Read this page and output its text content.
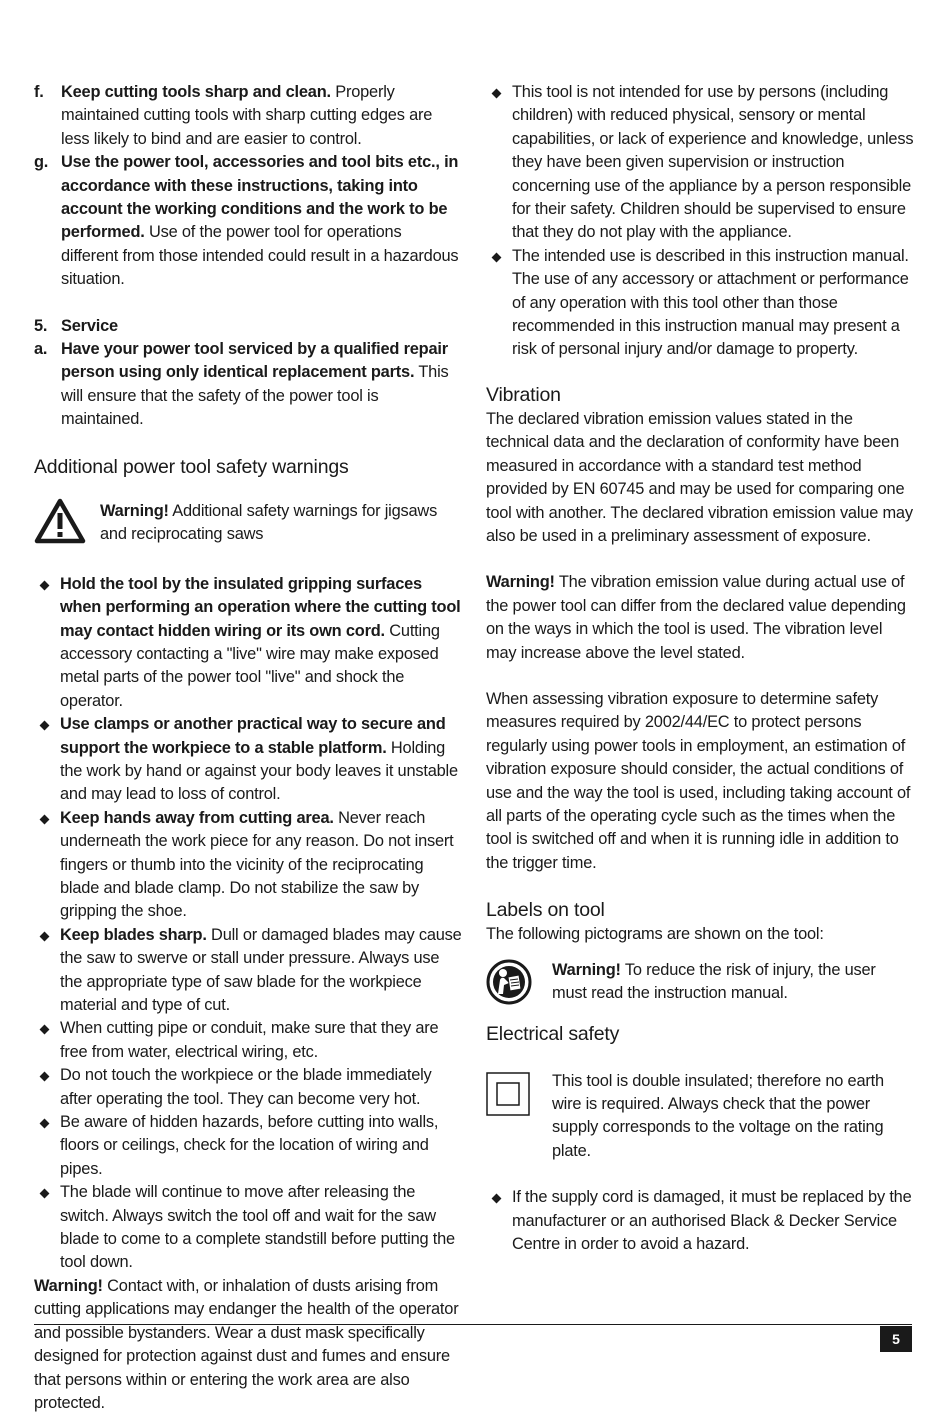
f. Keep cutting tools sharp and clean. Properly maintained cutting tools with sharp cutting edges are less likely to bind and are easier to control.
g. Use the power tool, accessories and tool bits etc., in accordance with these instructions, taking into account the working conditions and the work to be performed. Use of the power tool for operations different from those intended could result in a hazardous situation.
5. Service
a. Have your power tool serviced by a qualified repair person using only identical replacement parts. This will ensure that the safety of the power tool is maintained.
Additional power tool safety warnings
Warning! Additional safety warnings for jigsaws and reciprocating saws
Hold the tool by the insulated gripping surfaces when performing an operation where the cutting tool may contact hidden wiring or its own cord. Cutting accessory contacting a "live" wire may make exposed metal parts of the power tool "live" and shock the operator.
Use clamps or another practical way to secure and support the workpiece to a stable platform. Holding the work by hand or against your body leaves it unstable and may lead to loss of control.
Keep hands away from cutting area. Never reach underneath the work piece for any reason. Do not insert fingers or thumb into the vicinity of the reciprocating blade and blade clamp. Do not stabilize the saw by gripping the shoe.
Keep blades sharp. Dull or damaged blades may cause the saw to swerve or stall under pressure. Always use the appropriate type of saw blade for the workpiece material and type of cut.
When cutting pipe or conduit, make sure that they are free from water, electrical wiring, etc.
Do not touch the workpiece or the blade immediately after operating the tool. They can become very hot.
Be aware of hidden hazards, before cutting into walls, floors or ceilings, check for the location of wiring and pipes.
The blade will continue to move after releasing the switch. Always switch the tool off and wait for the saw blade to come to a complete standstill before putting the tool down.
Warning! Contact with, or inhalation of dusts arising from cutting applications may endanger the health of the operator and possible bystanders. Wear a dust mask specifically designed for protection against dust and fumes and ensure that persons within or entering the work area are also protected.
This tool is not intended for use by persons (including children) with reduced physical, sensory or mental capabilities, or lack of experience and knowledge, unless they have been given supervision or instruction concerning use of the appliance by a person responsible for their safety. Children should be supervised to ensure that they do not play with the appliance.
The intended use is described in this instruction manual. The use of any accessory or attachment or performance of any operation with this tool other than those recommended in this instruction manual may present a risk of personal injury and/or damage to property.
Vibration

The declared vibration emission values stated in the technical data and the declaration of conformity have been measured in accordance with a standard test method provided by EN 60745 and may be used for comparing one tool with another. The declared vibration emission value may also be used in a preliminary assessment of exposure.

Warning! The vibration emission value during actual use of the power tool can differ from the declared value depending on the ways in which the tool is used. The vibration level may increase above the level stated.

When assessing vibration exposure to determine safety measures required by 2002/44/EC to protect persons regularly using power tools in employment, an estimation of vibration exposure should consider, the actual conditions of use and the way the tool is used, including taking account of all parts of the operating cycle such as the times when the tool is switched off and when it is running idle in addition to the trigger time.

Labels on tool

The following pictograms are shown on the tool:

Warning! To reduce the risk of injury, the user must read the instruction manual.
Electrical safety
This tool is double insulated; therefore no earth wire is required. Always check that the power supply corresponds to the voltage on the rating plate.
If the supply cord is damaged, it must be replaced by the manufacturer or an authorised Black & Decker Service Centre in order to avoid a hazard.
5
